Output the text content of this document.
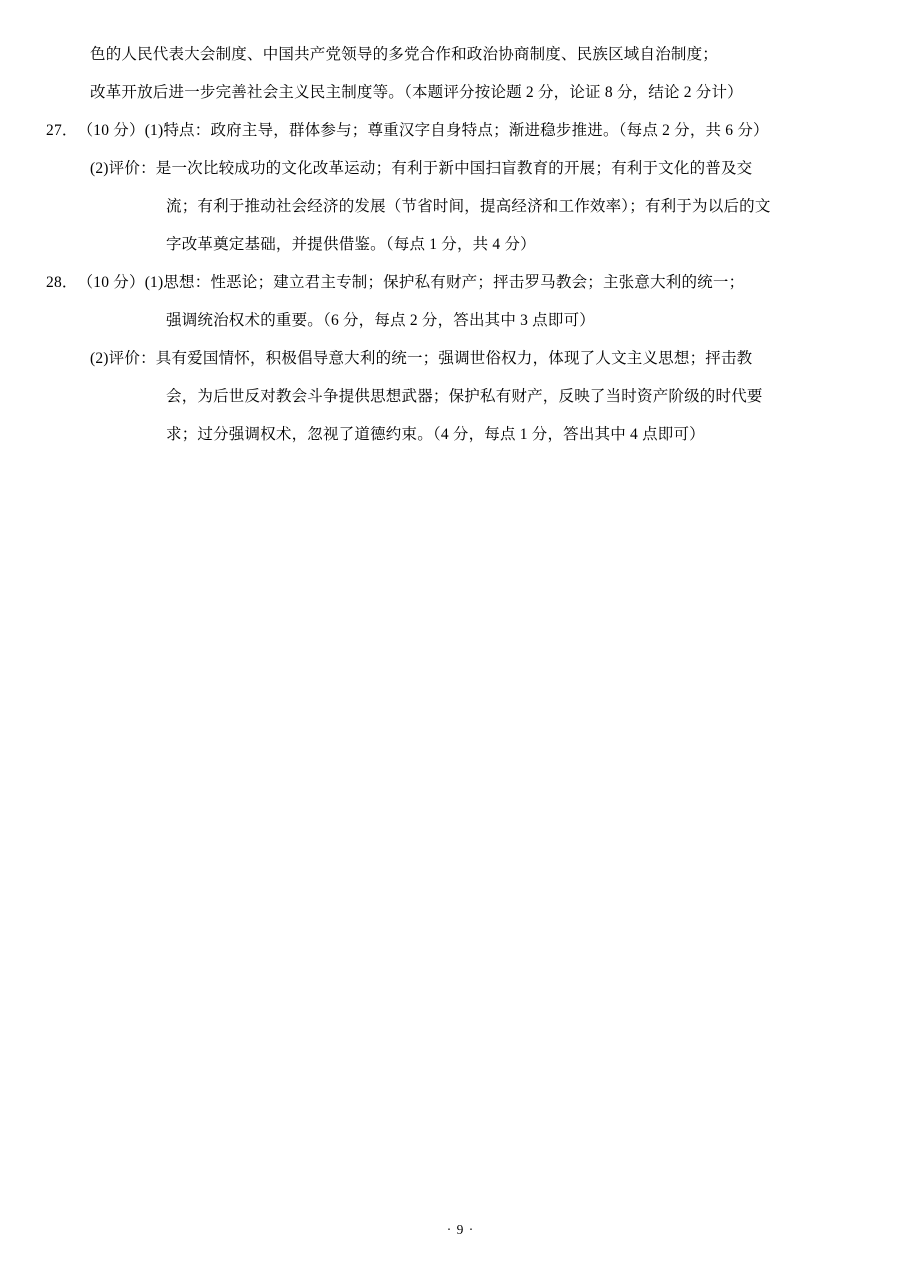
色的人民代表大会制度、中国共产党领导的多党合作和政治协商制度、民族区域自治制度；
改革开放后进一步完善社会主义民主制度等。（本题评分按论题 2 分，论证 8 分，结论 2 分计）
27． （10 分） (1)特点： 政府主导，群体参与；尊重汉字自身特点；渐进稳步推进。（每点 2 分，共 6 分）
(2)评价： 是一次比较成功的文化改革运动；有利于新中国扫盲教育的开展；有利于文化的普及交
流；有利于推动社会经济的发展（节省时间，提高经济和工作效率）；有利于为以后的文
字改革奠定基础，并提供借鉴。（每点 1 分，共 4 分）
28． （10 分） (1)思想： 性恶论；建立君主专制；保护私有财产；抨击罗马教会；主张意大利的统一；
强调统治权术的重要。（6 分，每点 2 分，答出其中 3 点即可）
(2)评价： 具有爱国情怀，积极倡导意大利的统一；强调世俗权力，体现了人文主义思想；抨击教
会，为后世反对教会斗争提供思想武器；保护私有财产，反映了当时资产阶级的时代要
求；过分强调权术，忽视了道德约束。（4 分，每点 1 分，答出其中 4 点即可）
· 9 ·
